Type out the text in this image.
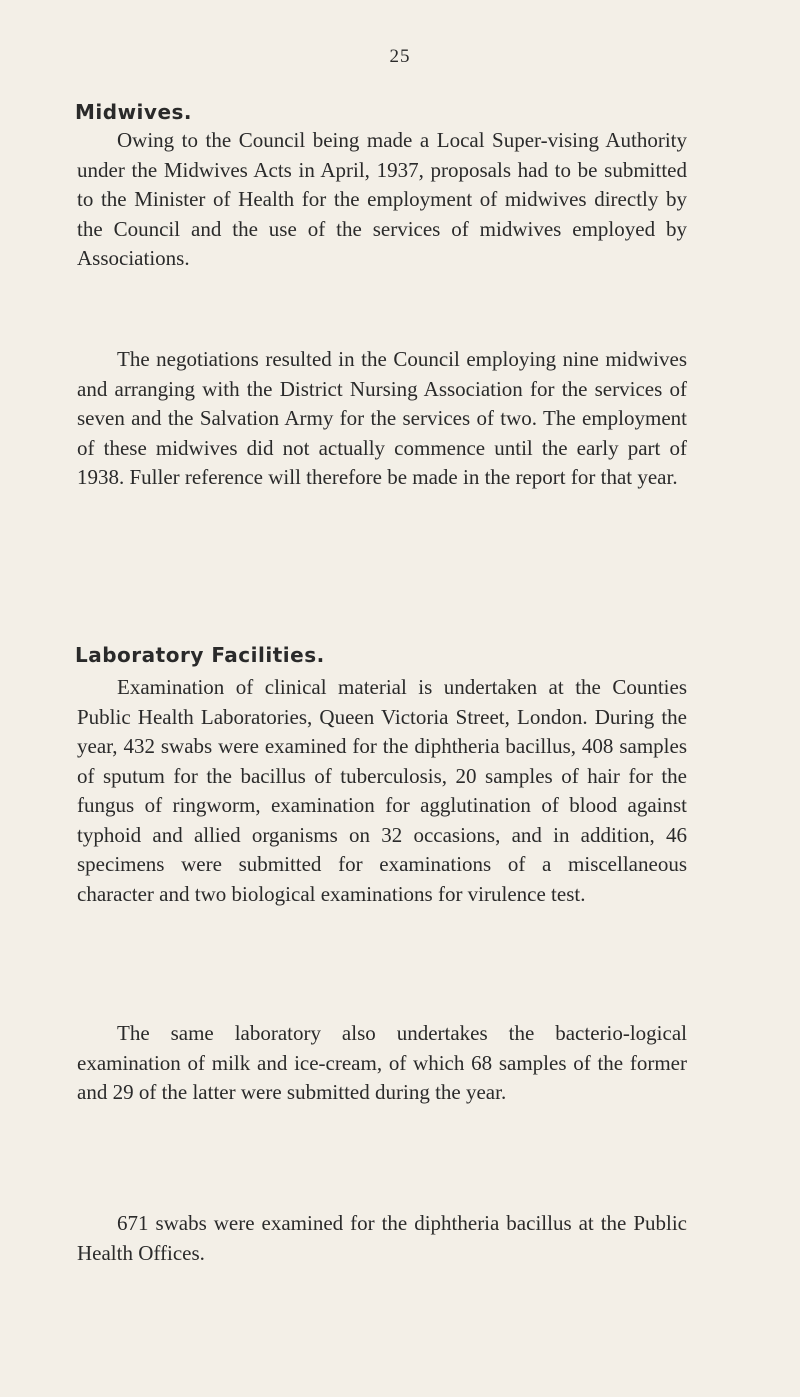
25
Midwives.

Owing to the Council being made a Local Super-vising Authority under the Midwives Acts in April, 1937, proposals had to be submitted to the Minister of Health for the employment of midwives directly by the Council and the use of the services of midwives employed by Associations.

The negotiations resulted in the Council employing nine midwives and arranging with the District Nursing Association for the services of seven and the Salvation Army for the services of two. The employment of these midwives did not actually commence until the early part of 1938. Fuller reference will therefore be made in the report for that year.

Laboratory Facilities.

Examination of clinical material is undertaken at the Counties Public Health Laboratories, Queen Victoria Street, London. During the year, 432 swabs were examined for the diphtheria bacillus, 408 samples of sputum for the bacillus of tuberculosis, 20 samples of hair for the fungus of ringworm, examination for agglutination of blood against typhoid and allied organisms on 32 occasions, and in addition, 46 specimens were submitted for examinations of a miscellaneous character and two biological examinations for virulence test.

The same laboratory also undertakes the bacterio-logical examination of milk and ice-cream, of which 68 samples of the former and 29 of the latter were submitted during the year.

671 swabs were examined for the diphtheria bacillus at the Public Health Offices.
